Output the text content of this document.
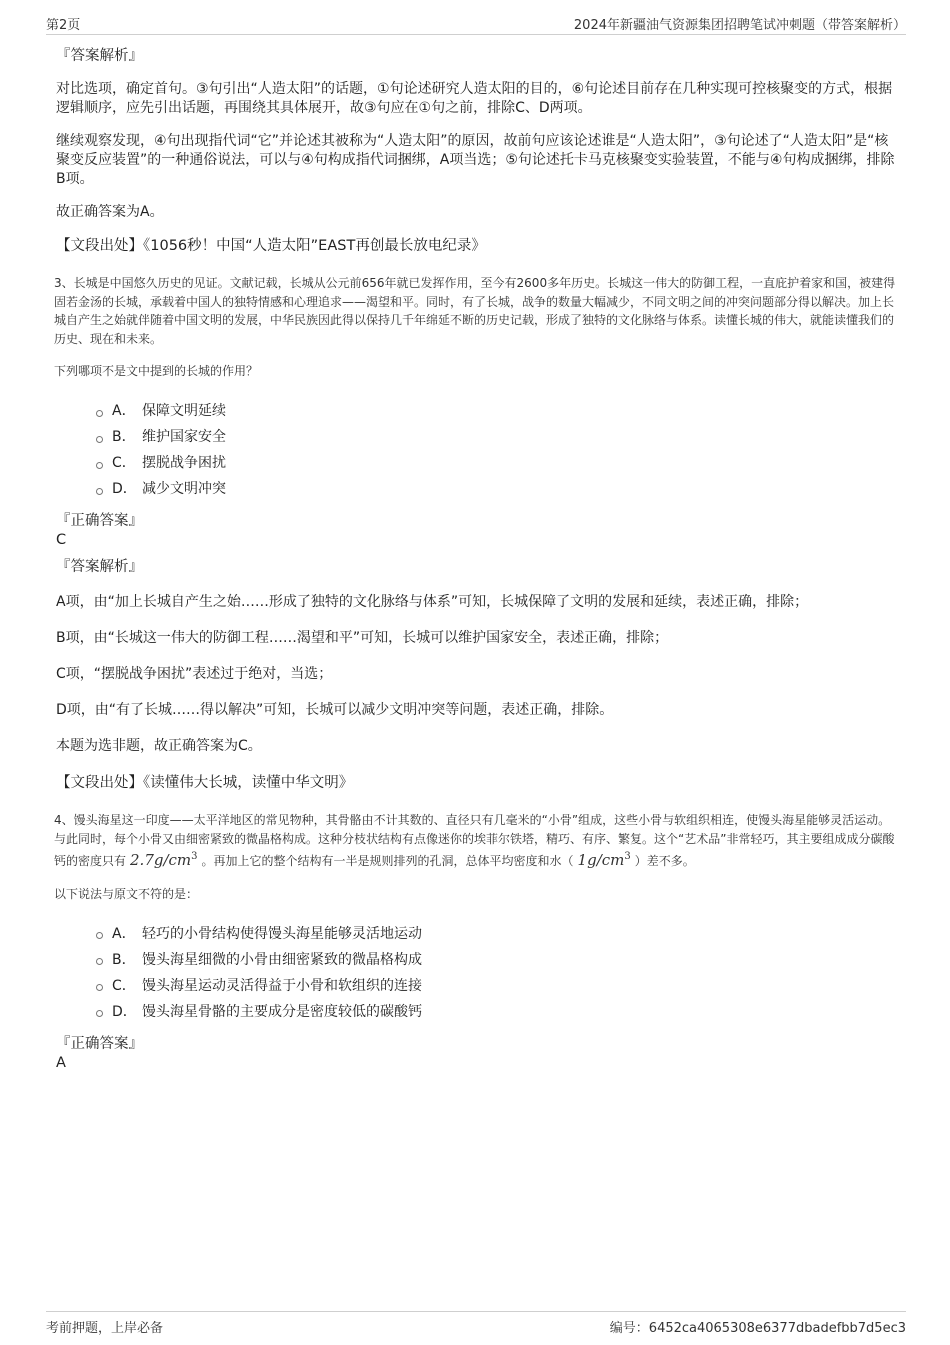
第2页	2024年新疆油气资源集团招聘笔试冲刺题（带答案解析）
『答案解析』
对比选项，确定首句。③句引出“人造太阳”的话题，①句论述研究人造太阳的目的，⑥句论述目前存在几种实现可控核聚变的方式，根据逻辑顺序，应先引出话题，再围绕其具体展开，故③句应在①句之前，排除C、D两项。
继续观察发现，④句出现指代词“它”并论述其被称为“人造太阳”的原因，故前句应该论述谁是“人造太阳”，③句论述了“人造太阳”是“核聚变反应装置”的一种通俗说法，可以与④句构成指代词捆绑，A项当选；⑤句论述托卡马克核聚变实验装置，不能与④句构成捆绑，排除B项。
故正确答案为A。
【文段出处】《1056秒！中国“人造太阳”EAST再创最长放电纪录》
3、长城是中国悠久历史的见证。文献记载，长城从公元前656年就已发挥作用，至今有2600多年历史。长城这一伟大的防御工程，一直庇护着家和国，被建得固若金汤的长城，承载着中国人的独特情感和心理追求——渴望和平。同时，有了长城，战争的数量大幅减少，不同文明之间的冲突问题部分得以解决。加上长城自产生之始就伴随着中国文明的发展，中华民族因此得以保持几千年绵延不断的历史记载，形成了独特的文化脉络与体系。读懂长城的伟大，就能读懂我们的历史、现在和未来。
下列哪项不是文中提到的长城的作用？
A． 保障文明延续
B． 维护国家安全
C． 摆脱战争困扰
D． 减少文明冲突
『正确答案』
C
『答案解析』
A项，由“加上长城自产生之始……形成了独特的文化脉络与体系”可知，长城保障了文明的发展和延续，表述正确，排除；
B项，由“长城这一伟大的防御工程……渴望和平”可知，长城可以维护国家安全，表述正确，排除；
C项，“摆脱战争困扰”表述过于绝对，当选；
D项，由“有了长城……得以解决”可知，长城可以减少文明冲突等问题，表述正确，排除。
本题为选非题，故正确答案为C。
【文段出处】《读懂伟大长城，读懂中华文明》
4、馒头海星这一印度——太平洋地区的常见物种，其骨骼由不计其数的、直径只有几毫米的“小骨”组成，这些小骨与软组织相连，使馒头海星能够灵活运动。与此同时，每个小骨又由细密紧致的微晶格构成。这种分枝状结构有点像迷你的埃菲尔铁塔，精巧、有序、繁复。这个“艺术品”非常轻巧，其主要组成成分碳酸钙的密度只有 $2.7g/cm^3$ 。再加上它的整个结构有一半是规则排列的孔洞，总体平均密度和水（ $1g/cm^3$ ）差不多。
以下说法与原文不符的是：
A． 轻巧的小骨结构使得馒头海星能够灵活地运动
B． 馒头海星细微的小骨由细密紧致的微晶格构成
C． 馒头海星运动灵活得益于小骨和软组织的连接
D． 馒头海星骨骼的主要成分是密度较低的碳酸钙
『正确答案』
A
考前押题，上岸必备	编号：6452ca4065308e6377dbadefbb7d5ec3
